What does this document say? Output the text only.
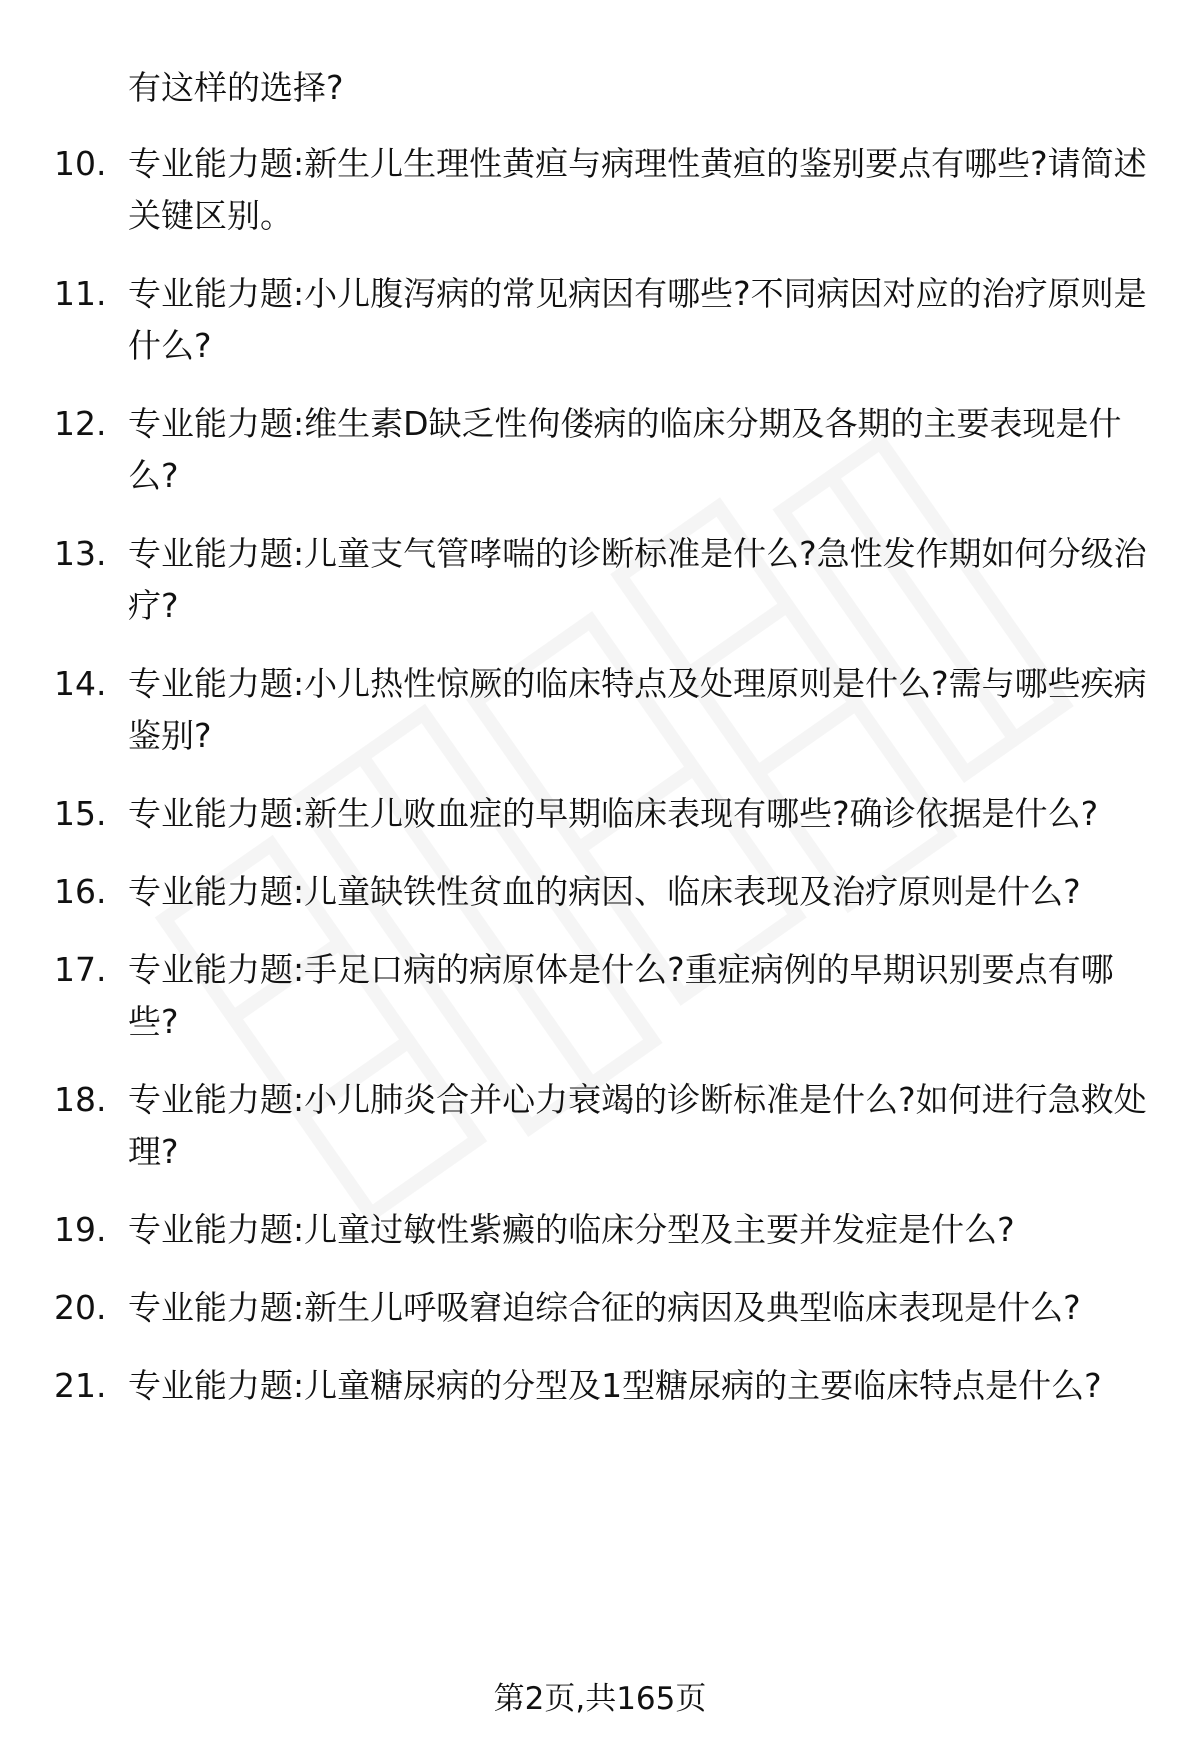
有这样的选择?
10. 专业能力题:新生儿生理性黄疸与病理性黄疸的鉴别要点有哪些?请简述关键区别。
11. 专业能力题:小儿腹泻病的常见病因有哪些?不同病因对应的治疗原则是什么?
12. 专业能力题:维生素D缺乏性佝偻病的临床分期及各期的主要表现是什么?
13. 专业能力题:儿童支气管哮喘的诊断标准是什么?急性发作期如何分级治疗?
14. 专业能力题:小儿热性惊厥的临床特点及处理原则是什么?需与哪些疾病鉴别?
15. 专业能力题:新生儿败血症的早期临床表现有哪些?确诊依据是什么?
16. 专业能力题:儿童缺铁性贫血的病因、临床表现及治疗原则是什么?
17. 专业能力题:手足口病的病原体是什么?重症病例的早期识别要点有哪些?
18. 专业能力题:小儿肺炎合并心力衰竭的诊断标准是什么?如何进行急救处理?
19. 专业能力题:儿童过敏性紫癜的临床分型及主要并发症是什么?
20. 专业能力题:新生儿呼吸窘迫综合征的病因及典型临床表现是什么?
21. 专业能力题:儿童糖尿病的分型及1型糖尿病的主要临床特点是什么?
第2页,共165页
